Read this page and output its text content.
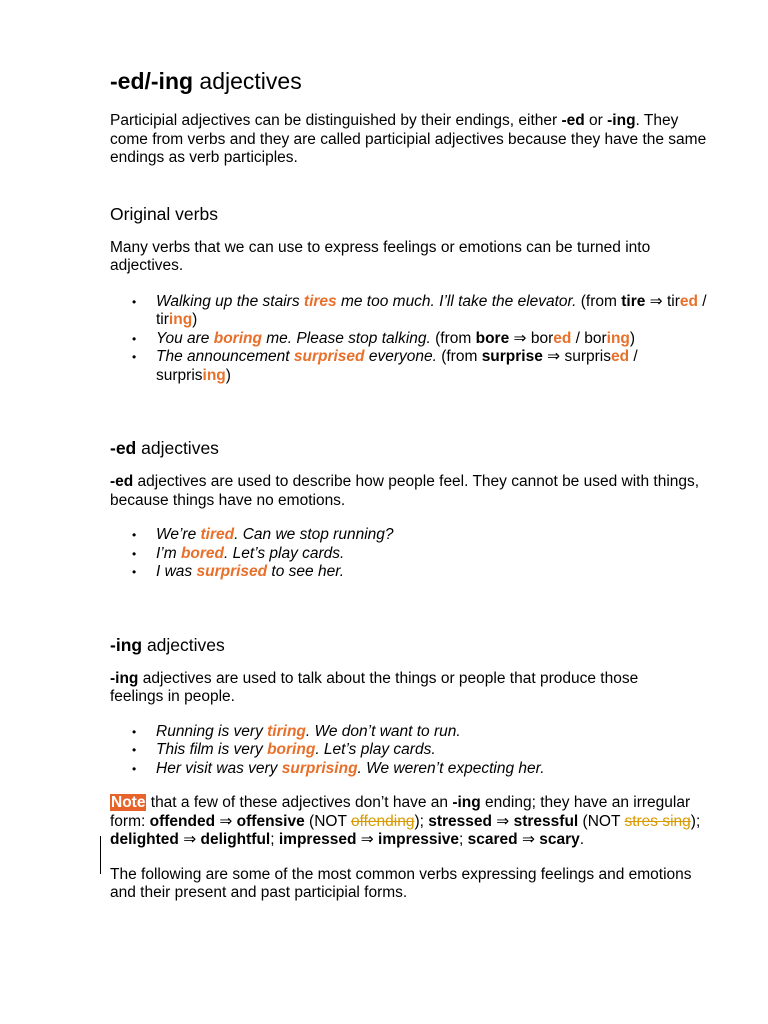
-ed/-ing adjectives

Participial adjectives can be distinguished by their endings, either -ed or -ing. They come from verbs and they are called participial adjectives because they have the same endings as verb participles.

Original verbs

Many verbs that we can use to express feelings or emotions can be turned into adjectives.

• Walking up the stairs tires me too much. I’ll take the elevator. (from tire ⇒ tired / tiring)
• You are boring me. Please stop talking. (from bore ⇒ bored / boring)
• The announcement surprised everyone. (from surprise ⇒ surprised / surprising)
-ed adjectives

-ed adjectives are used to describe how people feel. They cannot be used with things, because things have no emotions.

• We’re tired. Can we stop running?
• I’m bored. Let’s play cards.
• I was surprised to see her.
-ing adjectives

-ing adjectives are used to talk about the things or people that produce those feelings in people.

• Running is very tiring. We don’t want to run.
• This film is very boring. Let’s play cards.
• Her visit was very surprising. We weren’t expecting her.

Note that a few of these adjectives don’t have an -ing ending; they have an irregular
form: offended ⇒ offensive (NOT offending); stressed ⇒ stressful (NOT stres sing); delighted ⇒ delightful; impressed ⇒ impressive; scared ⇒ scary.

The following are some of the most common verbs expressing feelings and emotions and their present and past participial forms.
